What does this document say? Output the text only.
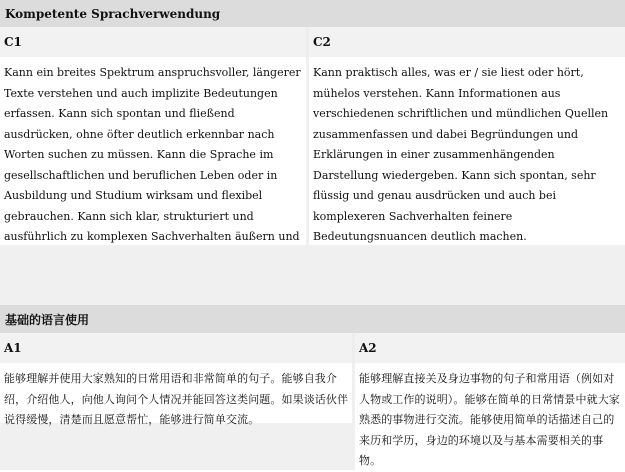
Kompetente Sprachverwendung
C1	C2
Kann ein breites Spektrum anspruchsvoller, längerer Texte verstehen und auch implizite Bedeutungen erfassen. Kann sich spontan und fließend ausdrücken, ohne öfter deutlich erkennbar nach Worten suchen zu müssen. Kann die Sprache im gesellschaftlichen und beruflichen Leben oder in Ausbildung und Studium wirksam und flexibel gebrauchen. Kann sich klar, strukturiert und ausführlich zu komplexen Sachverhalten äußern und
Kann praktisch alles, was er / sie liest oder hört, mühelos verstehen. Kann Informationen aus verschiedenen schriftlichen und mündlichen Quellen zusammenfassen und dabei Begründungen und Erklärungen in einer zusammenhängenden Darstellung wiedergeben. Kann sich spontan, sehr flüssig und genau ausdrücken und auch bei komplexeren Sachverhalten feinere Bedeutungsnuancen deutlich machen.
基础的语言使用
A1	A2
能够理解并使用大家熟知的日常用语和非常简单的句子。能够自我介绍，介绍他人，向他人询问个人情况并能回答这类问题。如果谈话伙伴说得缓慢，清楚而且愿意帮忙，能够进行简单交流。
能够理解直接关及身边事物的句子和常用语（例如对人物或工作的说明）。能够在简单的日常情景中就大家熟悉的事物进行交流。能够使用简单的话描述自己的来历和学历，身边的环境以及与基本需要相关的事物。
